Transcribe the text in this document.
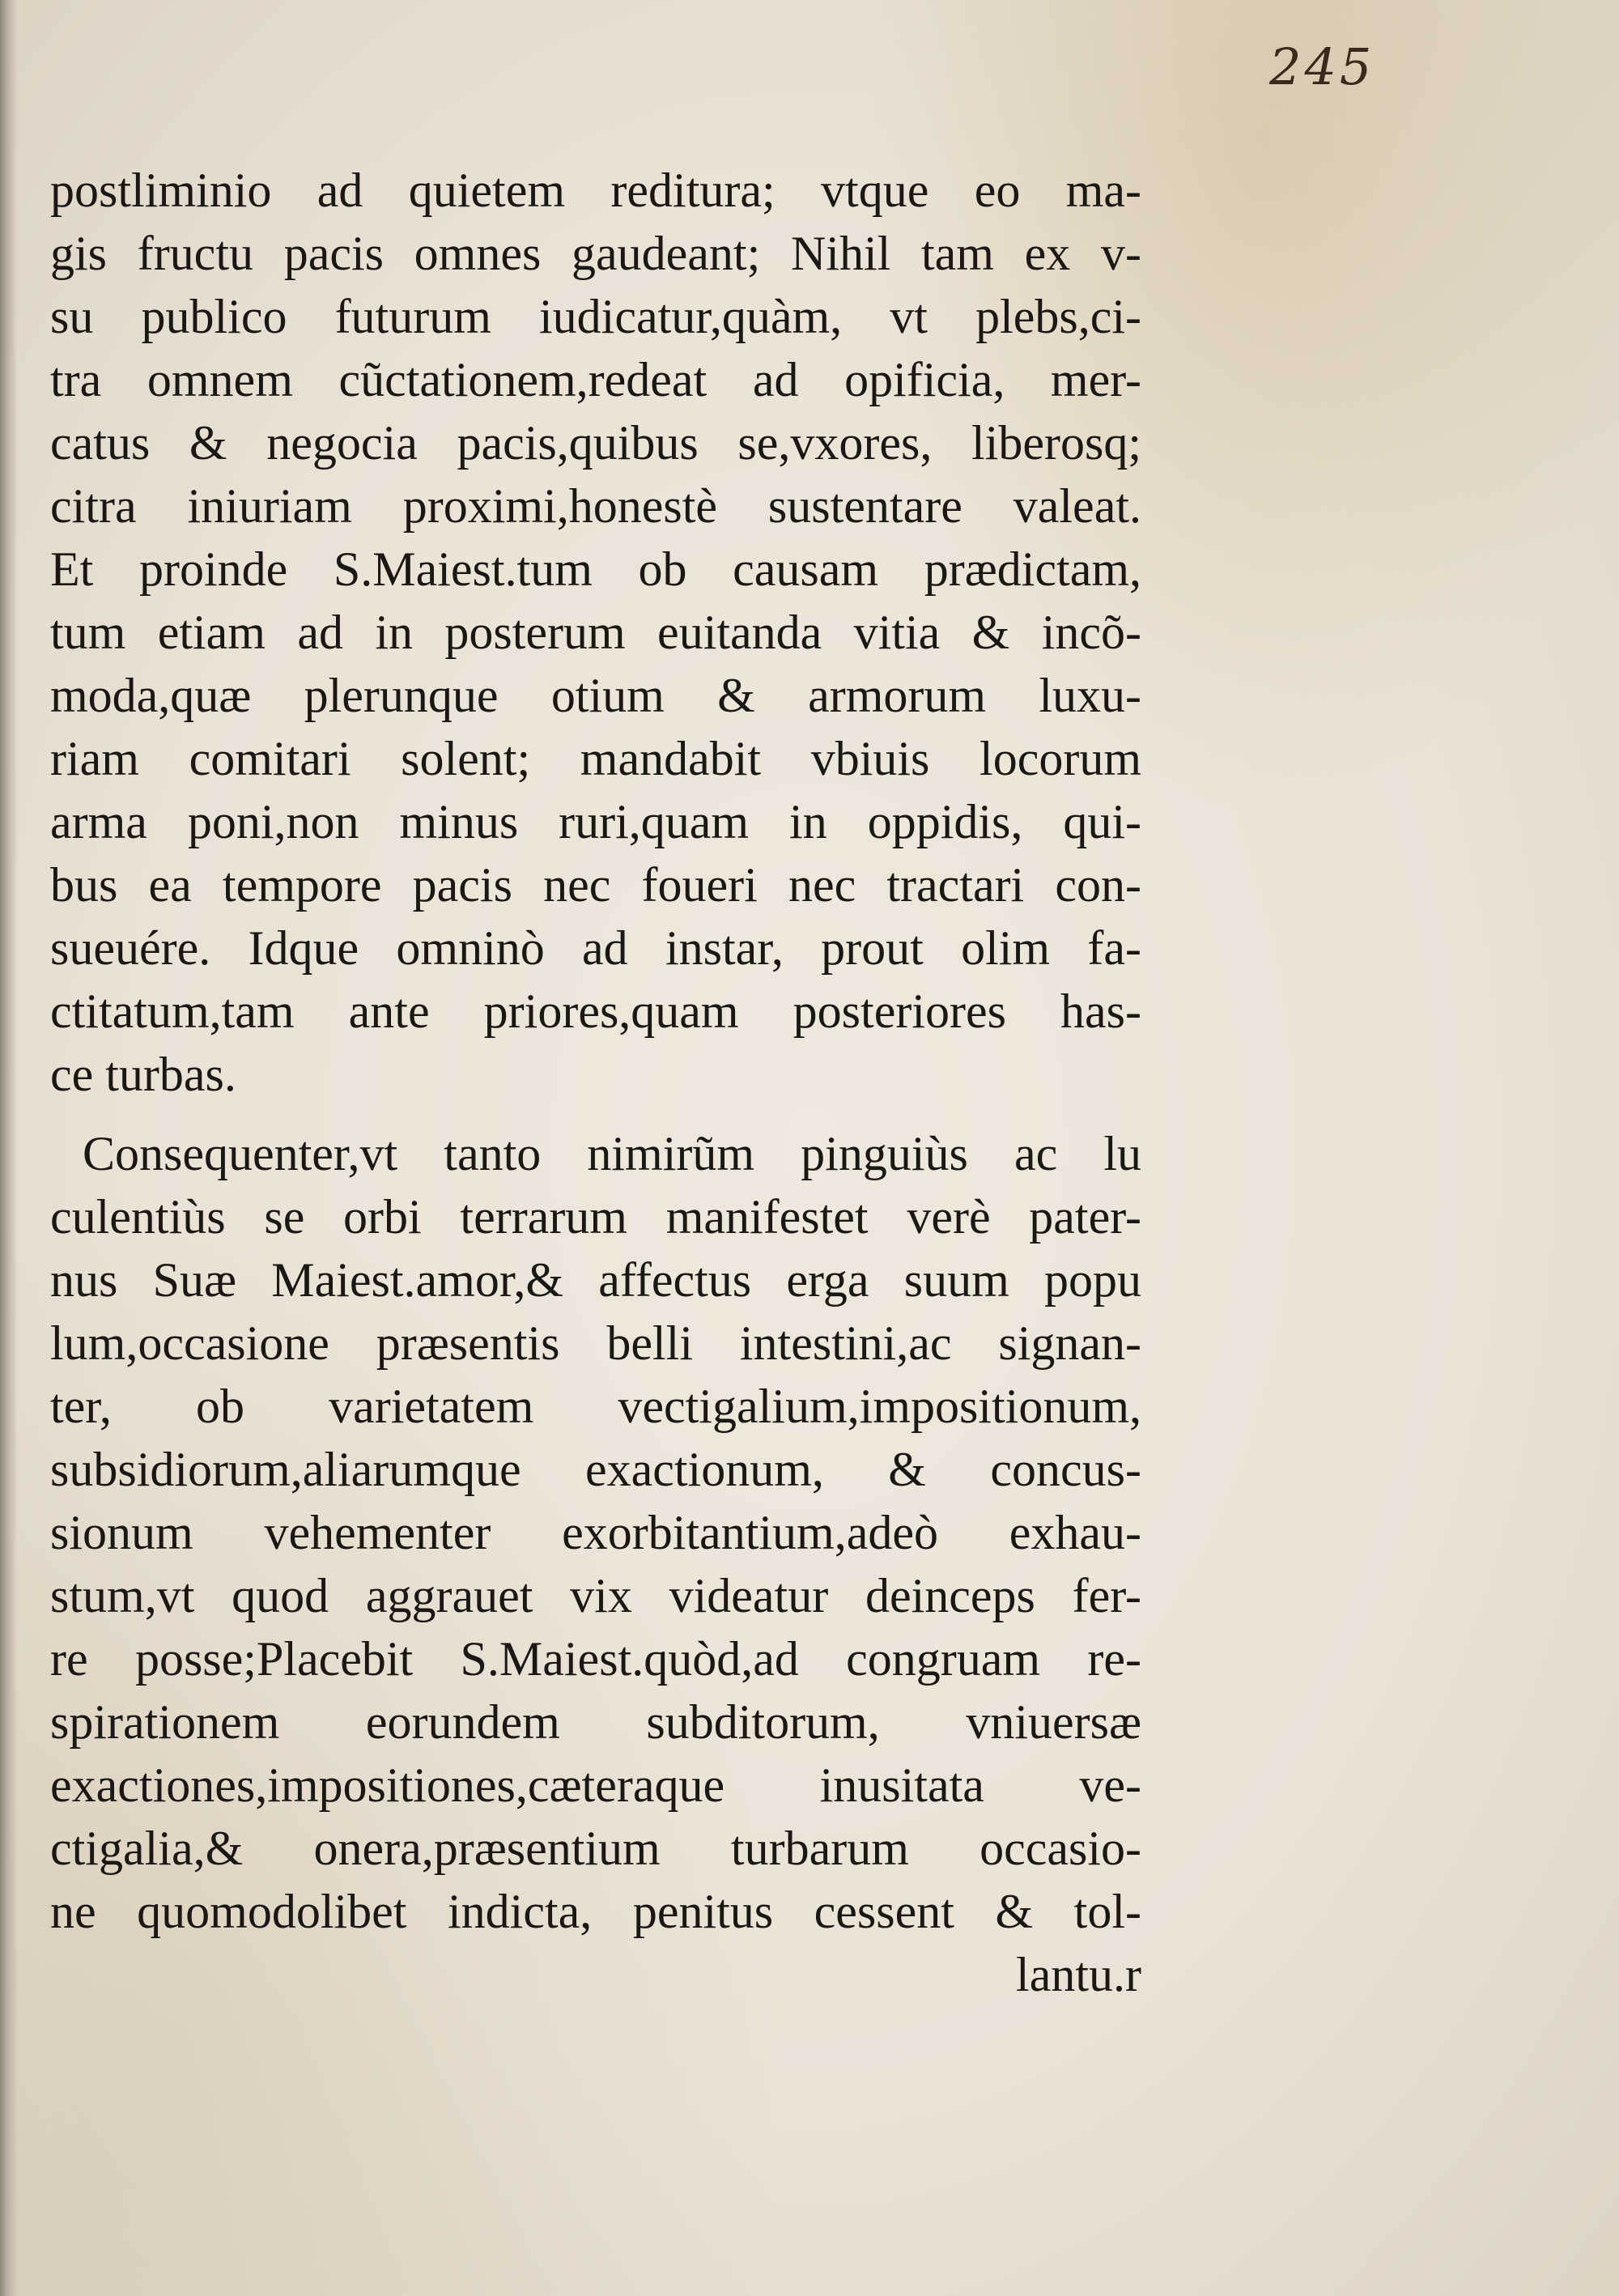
245

postliminio ad quietem reditura; vtque eo ma-
gis fructu pacis omnes gaudeant; Nihil tam ex v-
su publico futurum iudicatur,quàm, vt plebs,ci-
tra omnem cũctationem,redeat ad opificia, mer-
catus & negocia pacis,quibus se,vxores, liberosq;
citra iniuriam proximi,honestè sustentare valeat.
Et proinde S.Maiest.tum ob causam prædictam,
tum etiam ad in posterum euitanda vitia & incõ-
moda,quæ plerunque otium & armorum luxu-
riam comitari solent; mandabit vbiuis locorum
arma poni,non minus ruri,quam in oppidis, qui-
bus ea tempore pacis nec foueri nec tractari con-
sueuére. Idque omninò ad instar, prout olim fa-
ctitatum,tam ante priores,quam posteriores has-
ce turbas.

Consequenter,vt tanto nimirũm pinguiùs ac lu
culentiùs se orbi terrarum manifestet verè pater-
nus Suæ Maiest.amor,& affectus erga suum popu
lum,occasione præsentis belli intestini,ac signan-
ter, ob varietatem vectigalium,impositionum,
subsidiorum,aliarumque exactionum, & concus-
sionum vehementer exorbitantium,adeò exhau-
stum,vt quod aggrauet vix videatur deinceps fer-
re posse;Placebit S.Maiest.quòd,ad congruam re-
spirationem eorundem subditorum, vniuersæ
exactiones,impositiones,cæteraque inusitata ve-
ctigalia,& onera,præsentium turbarum occasio-
ne quomodolibet indicta, penitus cessent & tol-
lantu.r
